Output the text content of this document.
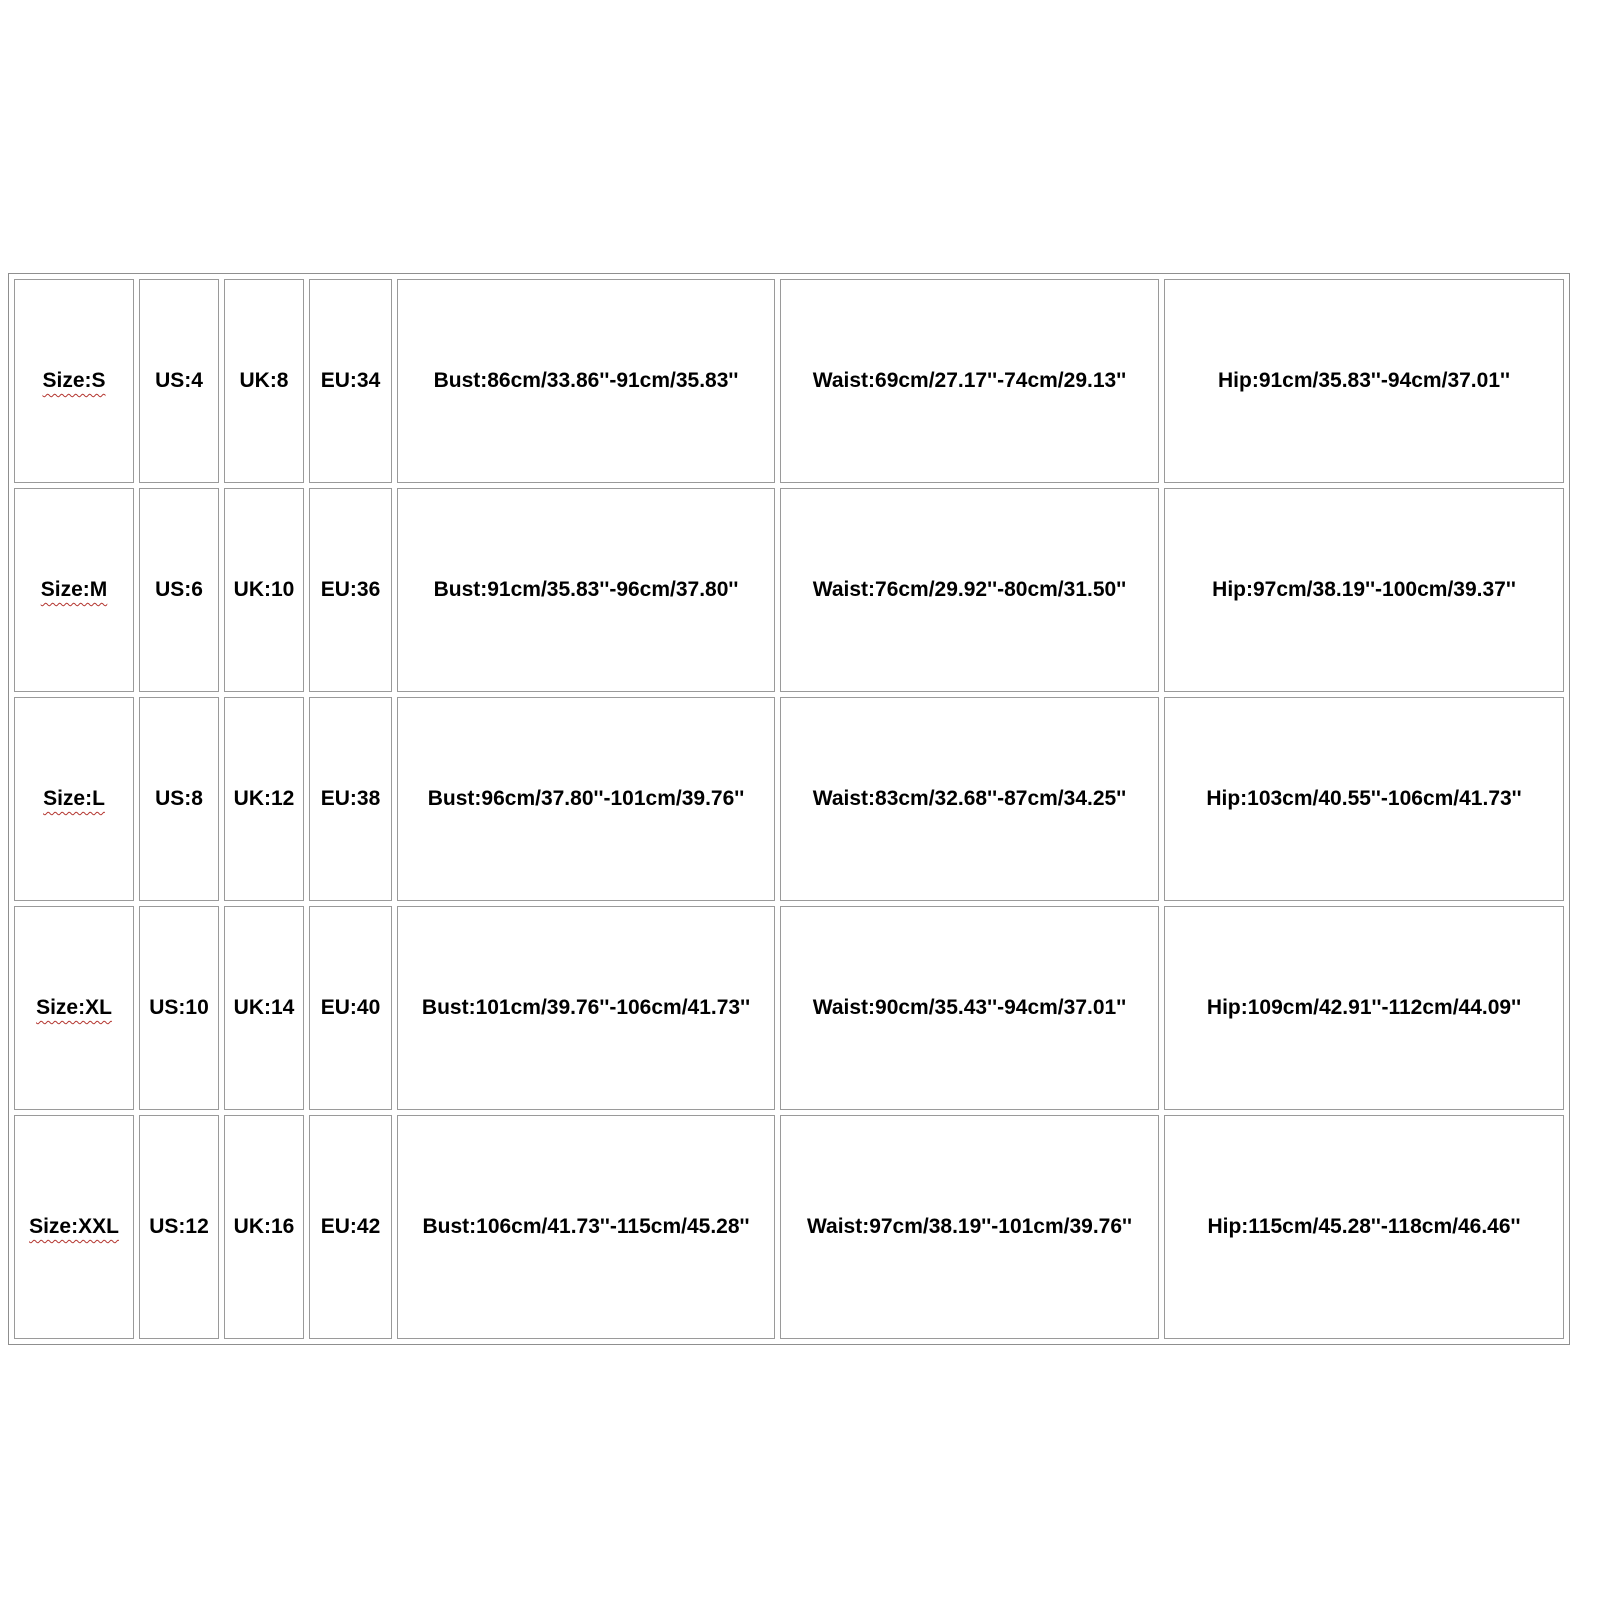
Size:S	US:4	UK:8	EU:34	Bust:86cm/33.86''-91cm/35.83''	Waist:69cm/27.17''-74cm/29.13''	Hip:91cm/35.83''-94cm/37.01''
Size:M	US:6	UK:10	EU:36	Bust:91cm/35.83''-96cm/37.80''	Waist:76cm/29.92''-80cm/31.50''	Hip:97cm/38.19''-100cm/39.37''
Size:L	US:8	UK:12	EU:38	Bust:96cm/37.80''-101cm/39.76''	Waist:83cm/32.68''-87cm/34.25''	Hip:103cm/40.55''-106cm/41.73''
Size:XL	US:10	UK:14	EU:40	Bust:101cm/39.76''-106cm/41.73''	Waist:90cm/35.43''-94cm/37.01''	Hip:109cm/42.91''-112cm/44.09''
Size:XXL	US:12	UK:16	EU:42	Bust:106cm/41.73''-115cm/45.28''	Waist:97cm/38.19''-101cm/39.76''	Hip:115cm/45.28''-118cm/46.46''
